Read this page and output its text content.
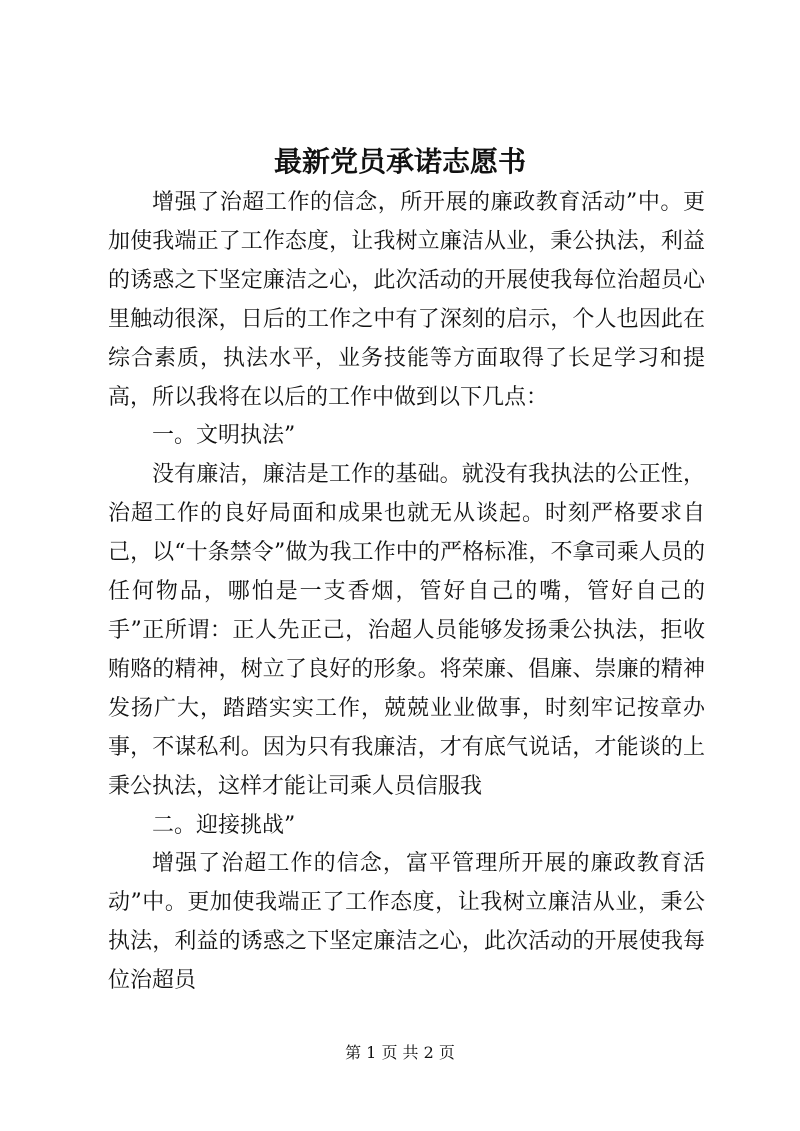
最新党员承诺志愿书

增强了治超工作的信念，所开展的廉政教育活动”中。更加使我端正了工作态度，让我树立廉洁从业，秉公执法，利益的诱惑之下坚定廉洁之心，此次活动的开展使我每位治超员心里触动很深，日后的工作之中有了深刻的启示，个人也因此在综合素质，执法水平，业务技能等方面取得了长足学习和提高，所以我将在以后的工作中做到以下几点：

一。文明执法”

没有廉洁，廉洁是工作的基础。就没有我执法的公正性，治超工作的良好局面和成果也就无从谈起。时刻严格要求自己，以“十条禁令”做为我工作中的严格标准，不拿司乘人员的任何物品，哪怕是一支香烟，管好自己的嘴，管好自己的手”正所谓：正人先正己，治超人员能够发扬秉公执法，拒收贿赂的精神，树立了良好的形象。将荣廉、倡廉、崇廉的精神发扬广大，踏踏实实工作，兢兢业业做事，时刻牢记按章办事，不谋私利。因为只有我廉洁，才有底气说话，才能谈的上秉公执法，这样才能让司乘人员信服我

二。迎接挑战”

增强了治超工作的信念，富平管理所开展的廉政教育活动”中。更加使我端正了工作态度，让我树立廉洁从业，秉公执法，利益的诱惑之下坚定廉洁之心，此次活动的开展使我每位治超员

第 1 页 共 2 页
